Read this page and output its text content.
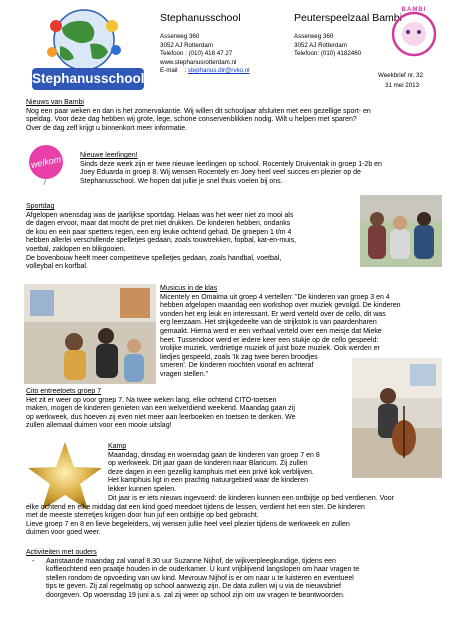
Stephanusschool
Stephanusschool

Asserweg 360

3052 AJ Rotterdam

Telefoon : (010) 418 47 27

www.stephanusrotterdam.nl

E-mail    : stephanus.dir@rvko.nl

Peuterspeelzaal Bambi

Asserweg 360

3052 AJ Rotterdam

Telefoon: (010) 4182460

BAMBI
Weekbrief nr. 32
31 mei 2013

Nieuws van Bambi

Nog een paar weken en dan is het zomervakantie. Wij willen dit schooljaar afsluiten met een gezellige sport- en

speldag. Voor deze dag hebben wij grote, lege, schone conservenblikken nodig. Wilt u helpen met sparen?

Over de dag zelf krijgt u binnenkort meer informatie.

welkom	Nieuwe leerlingen!

Sinds deze week zijn er twee nieuwe leerlingen op school. Rocentely Druiventak in groep 1-2b en

Joey Eduarda in groep 8. Wij wensen Rocentely en Joey heel veel succes en plezier op de

Stephanusschool. We hopen dat jullie je snel thuis voelen bij ons.

Sportdag

Afgelopen woensdag was de jaarlijkse sportdag. Helaas was het weer niet zo mooi als

de dagen ervoor, maar dat mocht de pret niet drukken. De kinderen hebben, ondanks

de kou en een paar spetters regen, een erg leuke ochtend gehad. De groepen 1 t/m 4

hebben allerlei verschillende spelletjes gedaan, zoals touwtrekken, fopbal, kat-en-muis,

voetbal, zaklopen en blikgooien.

De bovenbouw heeft meer competitieve spelletjes gedaan, zoals handbal, voetbal,

volleybal en korfbal.

Musicus in de klas

Micentely en Omaima uit groep 4 vertellen: "De kinderen van groep 3 en 4

hebben afgelopen maandag een workshop over muziek gevolgd. De kinderen

vonden het erg leuk en interessant. Er werd verteld over de cello, dit was

erg leerzaam. Het strijkgedeelte van de strijkstok is van paardenharen

gemaakt. Hierna werd er een verhaal verteld over een meisje dat Mieke

heet. Tussendoor werd er iedere keer een stukje op de cello gespeeld:

vrolijke muziek, verdrietige muziek of juist boze muziek. Ook werden er

liedjes gespeeld, zoals 'Ik zag twee beren broodjes

smeren'. De kinderen mochten vooraf en achteraf

vragen stellen."

Cito entreetoets groep 7

Het zit er weer op voor groep 7. Na twee weken lang, elke ochtend CITO-toetsen

maken, mogen de kinderen genieten van een welverdiend weekend. Maandag gaan zij

op werkweek, dus hoeven zij even niet meer aan leerboeken en toetsen te denken. We

zullen allemaal duimen voor een mooie uitslag!

Kamp

Maandag, dinsdag en woensdag gaan de kinderen van groep 7 en 8

op werkweek. Dit jaar gaan de kinderen naar Blaricum. Zij zullen

deze dagen in een gezellig kamphuis met een privé kok verblijven.

Het kamphuis ligt in een prachtig natuurgebied waar de kinderen

lekker kunnen spelen.

Dit jaar is er iets nieuws ingevoerd: de kinderen kunnen een ontbijtje op bed verdienen. Voor

elke ochtend en elke middag dat een kind goed meedoet tijdens de lessen, verdient het een ster. De kinderen

met de meeste sterretjes krijgen door hun juf een ontbijtje op bed gebracht.

Lieve groep 7 en 8 en lieve begeleiders, wij wensen jullie heel veel plezier tijdens de werkweek en zullen

duimen voor goed weer.

Activiteiten met ouders

- Aanstaande maandag zal vanaf 8.30 uur Suzanne Nijhof, de wijkverpleegkundige, tijdens een

koffieochtend een praatje houden in de ouderkamer. U kunt vrijblijvend langslopen om haar vragen te

stellen rondom de opvoeding van uw kind. Mevrouw Nijhof is er om naar u te luisteren en eventueel

tips te geven. Zij zal regelmatig op school aanwezig zijn. De data zullen wij u via de nieuwsbrief

doorgeven. Op woensdag 19 juni a.s. zal zij weer op school zijn om uw vragen te beantwoorden.
